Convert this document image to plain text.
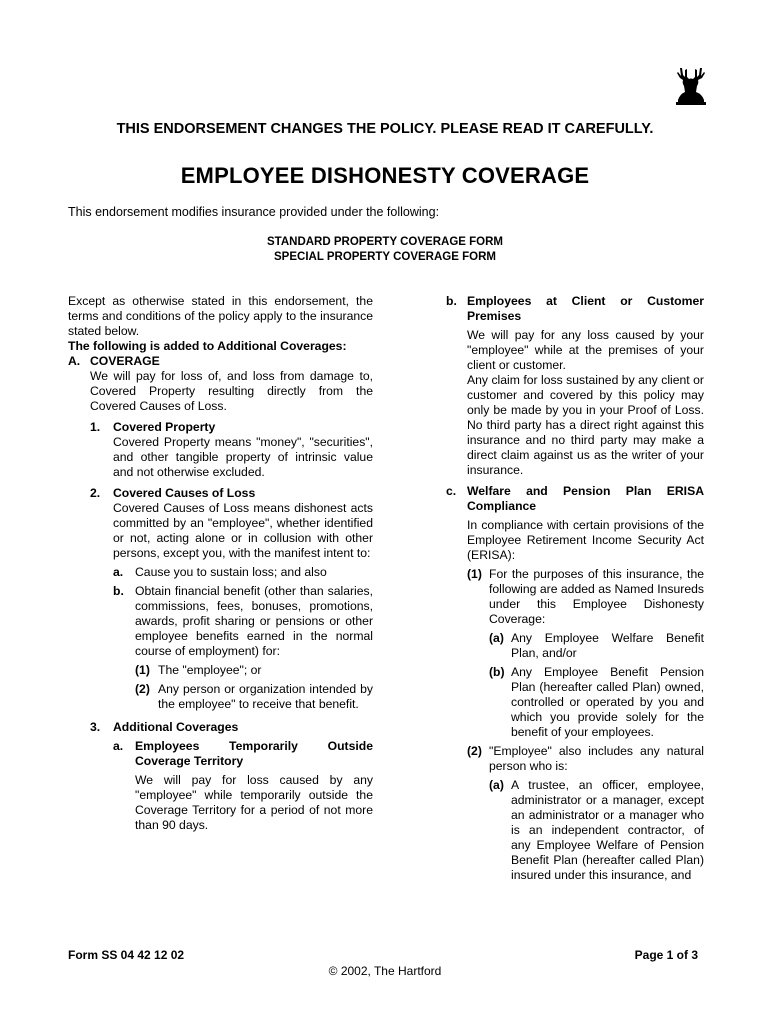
THIS ENDORSEMENT CHANGES THE POLICY. PLEASE READ IT CAREFULLY.
EMPLOYEE DISHONESTY COVERAGE
This endorsement modifies insurance provided under the following:
STANDARD PROPERTY COVERAGE FORM
SPECIAL PROPERTY COVERAGE FORM

Except as otherwise stated in this endorsement, the terms and conditions of the policy apply to the insurance stated below.

The following is added to Additional Coverages:

A. COVERAGE

We will pay for loss of, and loss from damage to, Covered Property resulting directly from the Covered Causes of Loss.

1. Covered Property

Covered Property means "money", "securities", and other tangible property of intrinsic value and not otherwise excluded.

2. Covered Causes of Loss

Covered Causes of Loss means dishonest acts committed by an "employee", whether identified or not, acting alone or in collusion with other persons, except you, with the manifest intent to:

a. Cause you to sustain loss; and also

b. Obtain financial benefit (other than salaries, commissions, fees, bonuses, promotions, awards, profit sharing or pensions or other employee benefits earned in the normal course of employment) for:

(1) The "employee"; or

(2) Any person or organization intended by the employee" to receive that benefit.

3. Additional Coverages

a. Employees Temporarily Outside Coverage Territory

We will pay for loss caused by any "employee" while temporarily outside the Coverage Territory for a period of not more than 90 days.

b. Employees at Client or Customer Premises

We will pay for any loss caused by your "employee" while at the premises of your client or customer.

Any claim for loss sustained by any client or customer and covered by this policy may only be made by you in your Proof of Loss. No third party has a direct right against this insurance and no third party may make a direct claim against us as the writer of your insurance.

c. Welfare and Pension Plan ERISA Compliance

In compliance with certain provisions of the Employee Retirement Income Security Act (ERISA):

(1) For the purposes of this insurance, the following are added as Named Insureds under this Employee Dishonesty Coverage:

(a) Any Employee Welfare Benefit Plan, and/or

(b) Any Employee Benefit Pension Plan (hereafter called Plan) owned, controlled or operated by you and which you provide solely for the benefit of your employees.

(2) "Employee" also includes any natural person who is:

(a) A trustee, an officer, employee, administrator or a manager, except an administrator or a manager who is an independent contractor, of any Employee Welfare of Pension Benefit Plan (hereafter called Plan) insured under this insurance, and

Form SS 04 42 12 02	Page 1 of 3
© 2002, The Hartford
